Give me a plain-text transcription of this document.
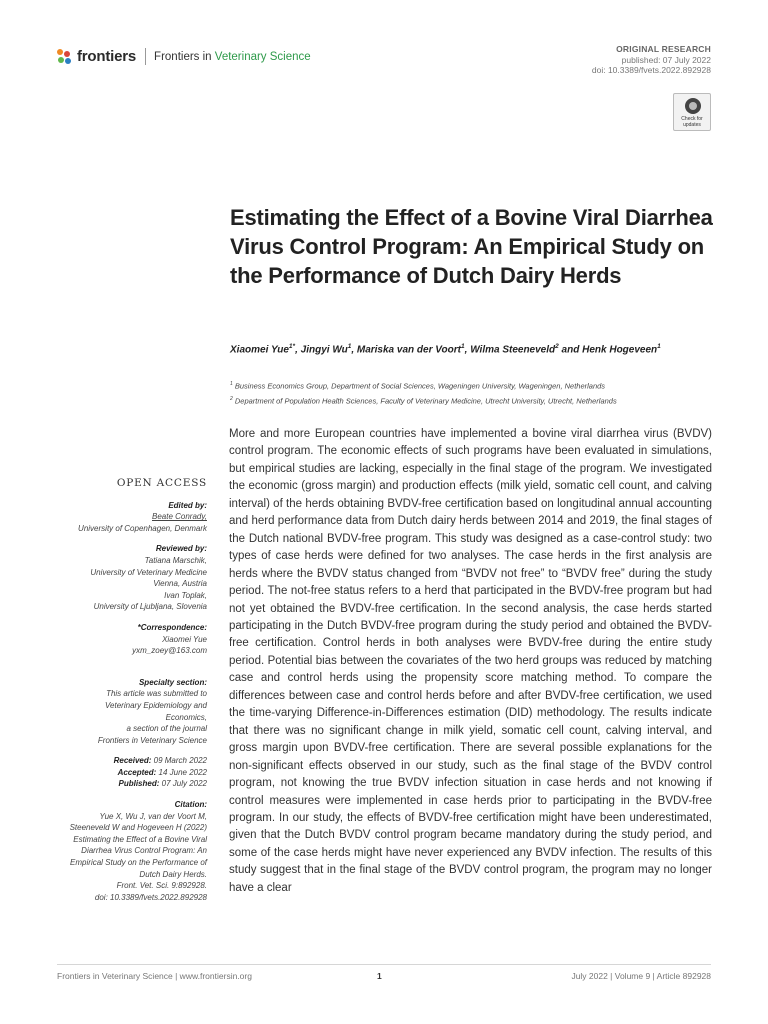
frontiers Frontiers in Veterinary Science
ORIGINAL RESEARCH
published: 07 July 2022
doi: 10.3389/fvets.2022.892928
Check for updates
Estimating the Effect of a Bovine Viral Diarrhea Virus Control Program: An Empirical Study on the Performance of Dutch Dairy Herds
Xiaomei Yue$^{1*}$, Jingyi Wu$^1$, Mariska van der Voort$^1$, Wilma Steeneveld$^2$ and Henk Hogeveen$^1$
$^1$ Business Economics Group, Department of Social Sciences, Wageningen University, Wageningen, Netherlands
$^2$ Department of Population Health Sciences, Faculty of Veterinary Medicine, Utrecht University, Utrecht, Netherlands

More and more European countries have implemented a bovine viral diarrhea virus (BVDV) control program. The economic effects of such programs have been evaluated in simulations, but empirical studies are lacking, especially in the final stage of the program. We investigated the economic (gross margin) and production effects (milk yield, somatic cell count, and calving interval) of the herds obtaining BVDV-free certification based on longitudinal annual accounting and herd performance data from Dutch dairy herds between 2014 and 2019, the final stages of the Dutch national BVDV-free program. This study was designed as a case-control study: two types of case herds were defined for two analyses. The case herds in the first analysis are herds where the BVDV status changed from “BVDV not free” to “BVDV free” during the study period. The not-free status refers to a herd that participated in the BVDV-free program but had not yet obtained the BVDV-free certification. In the second analysis, the case herds started participating in the Dutch BVDV-free program during the study period and obtained the BVDV-free certification. Control herds in both analyses were BVDV-free during the entire study period. Potential bias between the covariates of the two herd groups was reduced by matching case and control herds using the propensity score matching method. To compare the differences between case and control herds before and after BVDV-free certification, we used the time-varying Difference-in-Differences estimation (DID) methodology. The results indicate that there was no significant change in milk yield, somatic cell count, calving interval, and gross margin upon BVDV-free certification. There are several possible explanations for the non-significant effects observed in our study, such as the final stage of the BVDV control program, not knowing the true BVDV infection situation in case herds and not knowing if control measures were implemented in case herds prior to participating in the BVDV-free program. In our study, the effects of BVDV-free certification might have been underestimated, given that the Dutch BVDV control program became mandatory during the study period, and some of the case herds might have never experienced any BVDV infection. The results of this study suggest that in the final stage of the BVDV control program, the program may no longer have a clear

OPEN ACCESS
Edited by:
Beate Conrady,
University of Copenhagen, Denmark
Reviewed by:
Tatiana Marschik,
University of Veterinary Medicine
Vienna, Austria
Ivan Toplak,
University of Ljubljana, Slovenia
*Correspondence:
Xiaomei Yue
yxm_zoey@163.com
Specialty section:
This article was submitted to
Veterinary Epidemiology and
Economics,
a section of the journal
Frontiers in Veterinary Science
Received: 09 March 2022
Accepted: 14 June 2022
Published: 07 July 2022
Citation:
Yue X, Wu J, van der Voort M,
Steeneveld W and Hogeveen H (2022)
Estimating the Effect of a Bovine Viral
Diarrhea Virus Control Program: An
Empirical Study on the Performance of
Dutch Dairy Herds.
Front. Vet. Sci. 9:892928.
doi: 10.3389/fvets.2022.892928
Frontiers in Veterinary Science | www.frontiersin.org	1	July 2022 | Volume 9 | Article 892928
